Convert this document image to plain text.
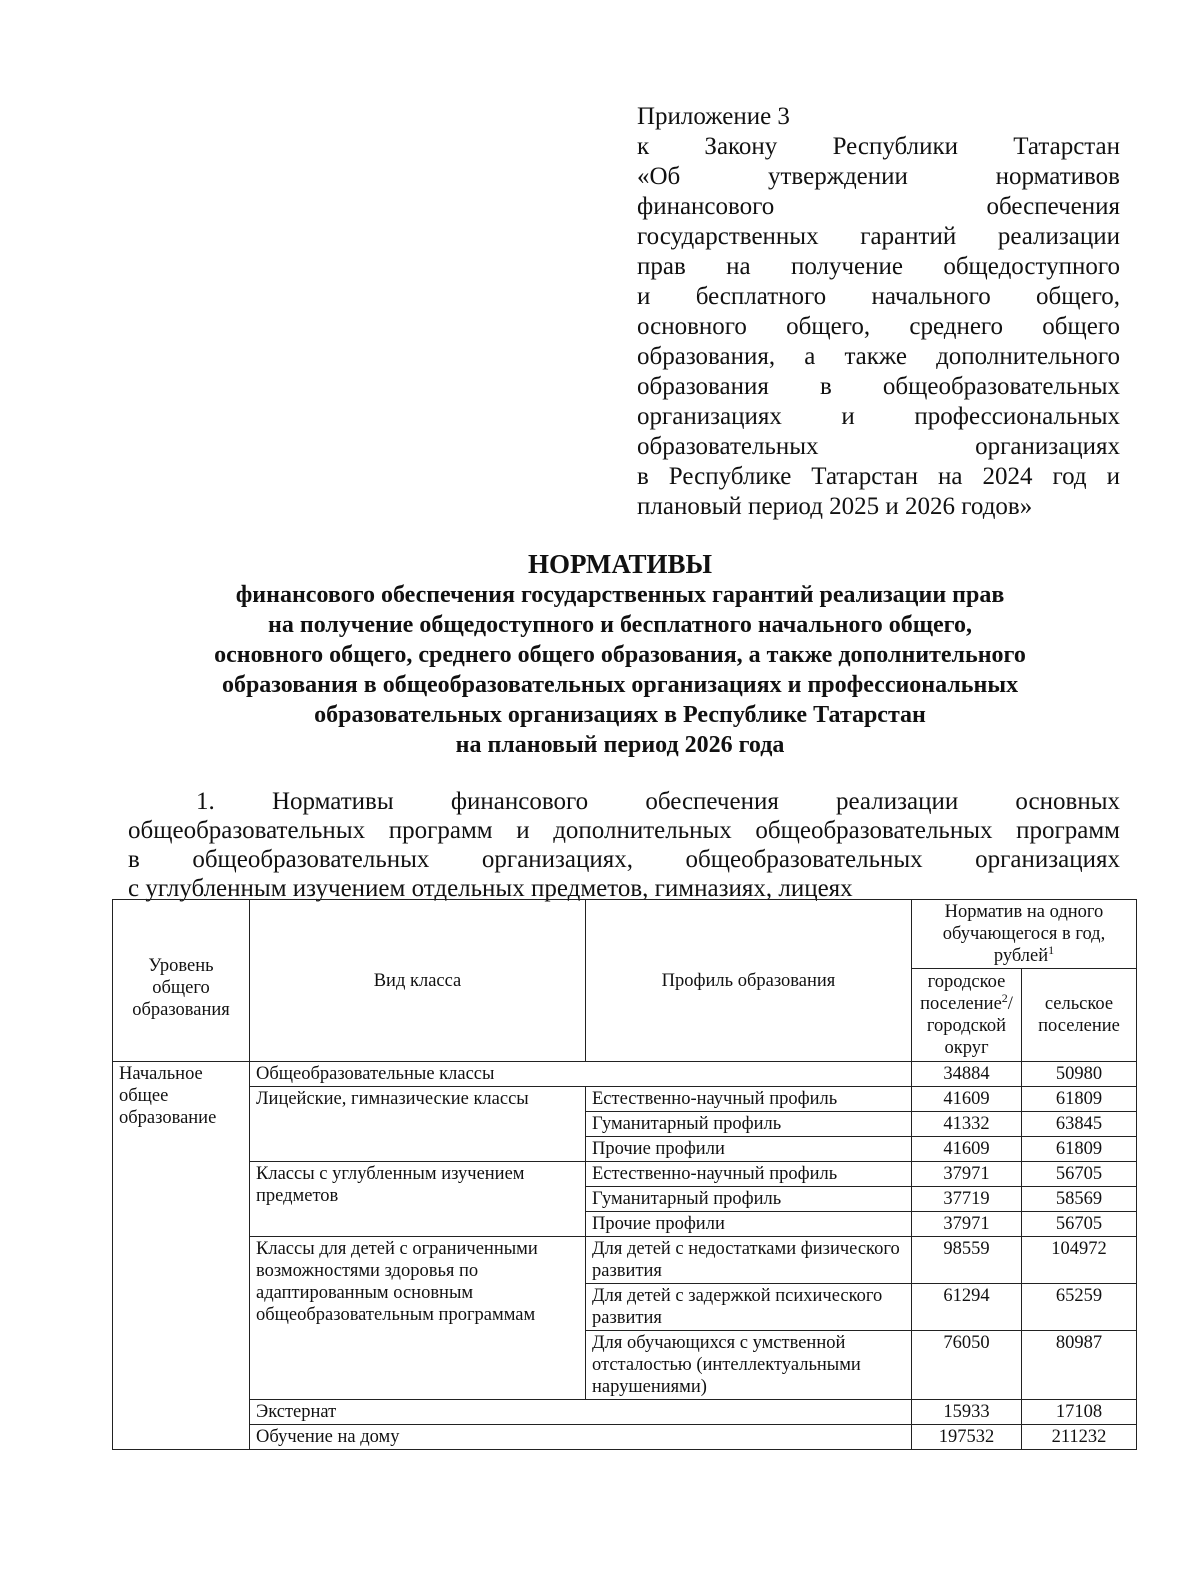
Приложение 3
к Закону Республики Татарстан
«Об утверждении нормативов
финансового обеспечения
государственных гарантий реализации
прав на получение общедоступного
и бесплатного начального общего,
основного общего, среднего общего
образования, а также дополнительного
образования в общеобразовательных
организациях и профессиональных
образовательных организациях
в Республике Татарстан на 2024 год и
плановый период 2025 и 2026 годов»
НОРМАТИВЫ
финансового обеспечения государственных гарантий реализации прав
на получение общедоступного и бесплатного начального общего,
основного общего, среднего общего образования, а также дополнительного
образования в общеобразовательных организациях и профессиональных
образовательных организациях в Республике Татарстан
на плановый период 2026 года
1. Нормативы финансового обеспечения реализации основных
общеобразовательных программ и дополнительных общеобразовательных программ
в общеобразовательных организациях, общеобразовательных организациях
с углубленным изучением отдельных предметов, гимназиях, лицеях
Уровень общего образования	Вид класса	Профиль образования	Норматив на одного обучающегося в год, рублей$^1$
			городское поселение$^2$/ городской округ	сельское поселение
Начальное общее образование	Общеобразовательные классы		34884	50980
	Лицейские, гимназические классы	Естественно-научный профиль	41609	61809
		Гуманитарный профиль	41332	63845
		Прочие профили	41609	61809
	Классы с углубленным изучением предметов	Естественно-научный профиль	37971	56705
		Гуманитарный профиль	37719	58569
		Прочие профили	37971	56705
	Классы для детей с ограниченными возможностями здоровья по адаптированным основным общеобразовательным программам	Для детей с недостатками физического развития	98559	104972
		Для детей с задержкой психического развития	61294	65259
		Для обучающихся с умственной отсталостью (интеллектуальными нарушениями)	76050	80987
	Экстернат		15933	17108
	Обучение на дому		197532	211232
